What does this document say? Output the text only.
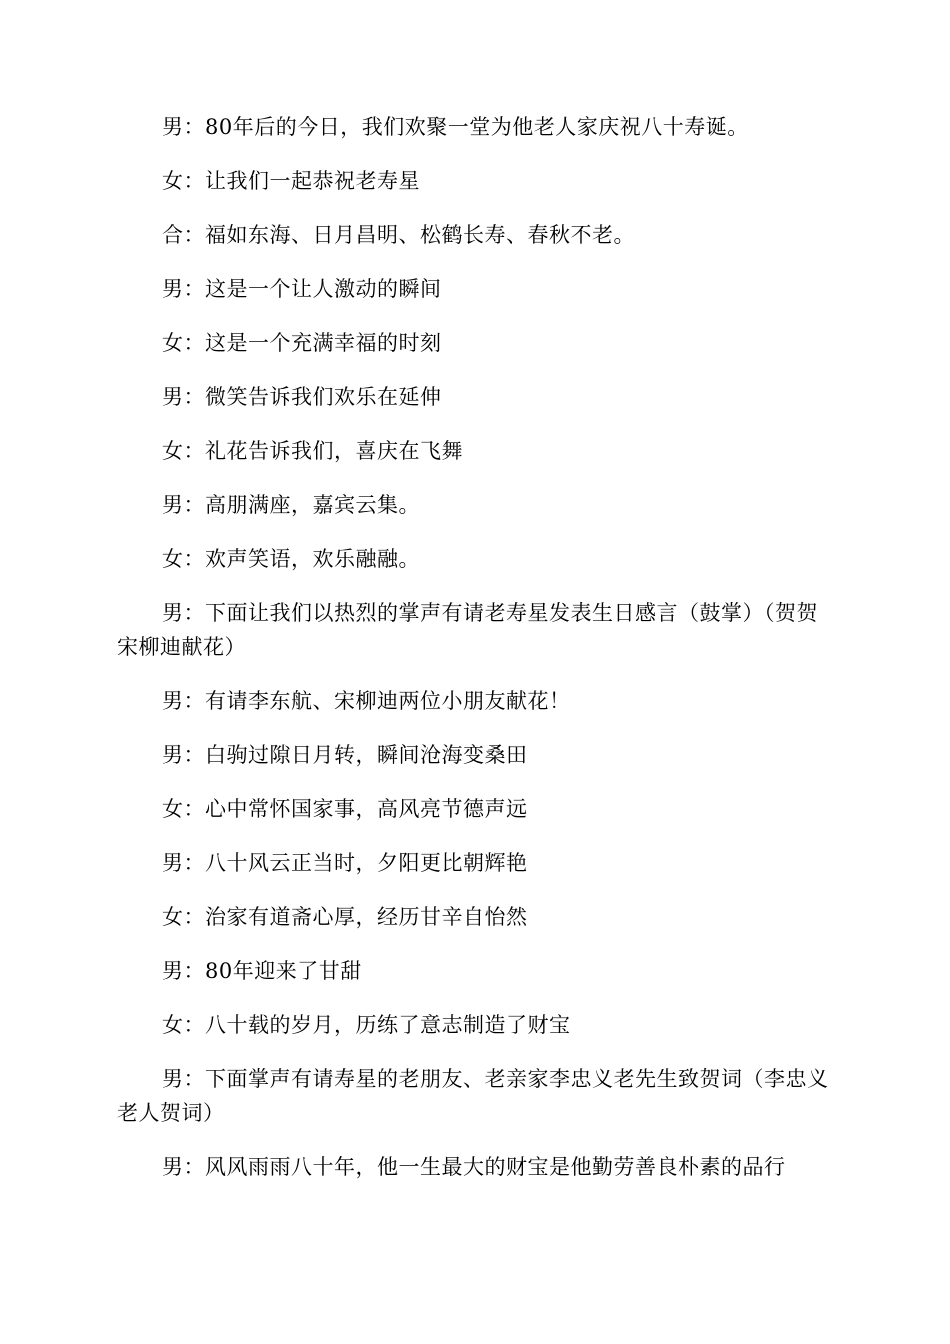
男：80年后的今日，我们欢聚一堂为他老人家庆祝八十寿诞。

女：让我们一起恭祝老寿星

合：福如东海、日月昌明、松鹤长寿、春秋不老。

男：这是一个让人激动的瞬间

女：这是一个充满幸福的时刻

男：微笑告诉我们欢乐在延伸

女：礼花告诉我们，喜庆在飞舞

男：高朋满座，嘉宾云集。

女：欢声笑语，欢乐融融。

男：下面让我们以热烈的掌声有请老寿星发表生日感言（鼓掌）（贺贺宋柳迪献花）

男：有请李东航、宋柳迪两位小朋友献花！

男：白驹过隙日月转，瞬间沧海变桑田

女：心中常怀国家事，高风亮节德声远

男：八十风云正当时，夕阳更比朝辉艳

女：治家有道斋心厚，经历甘辛自怡然

男：80年迎来了甘甜

女：八十载的岁月，历练了意志制造了财宝

男：下面掌声有请寿星的老朋友、老亲家李忠义老先生致贺词（李忠义老人贺词）

男：风风雨雨八十年，他一生最大的财宝是他勤劳善良朴素的品行
